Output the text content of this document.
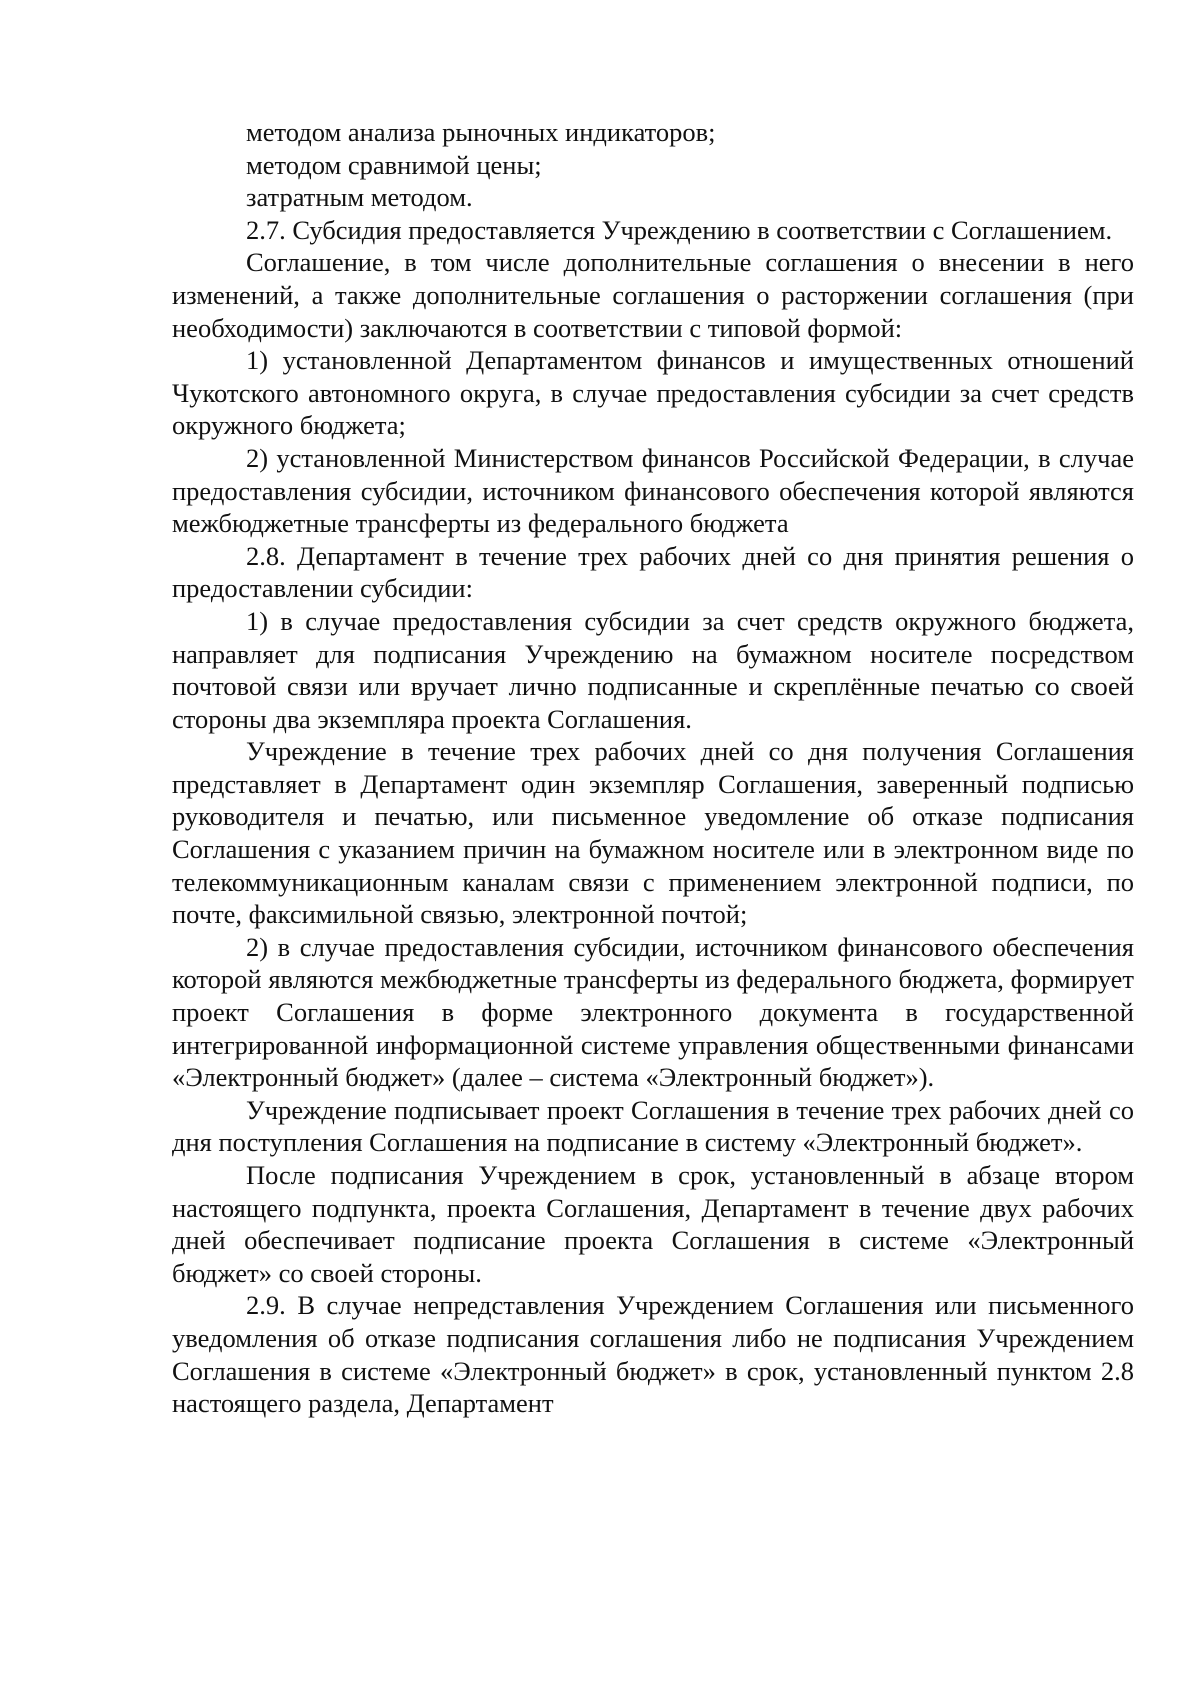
методом анализа рыночных индикаторов;

методом сравнимой цены;

затратным методом.

2.7. Субсидия предоставляется Учреждению в соответствии с Соглашением.

Соглашение, в том числе дополнительные соглашения о внесении в него изменений, а также дополнительные соглашения о расторжении соглашения (при необходимости) заключаются в соответствии с типовой формой:

1) установленной Департаментом финансов и имущественных отношений Чукотского автономного округа, в случае предоставления субсидии за счет средств окружного бюджета;

2) установленной Министерством финансов Российской Федерации, в случае предоставления субсидии, источником финансового обеспечения которой являются межбюджетные трансферты из федерального бюджета

2.8. Департамент в течение трех рабочих дней со дня принятия решения о предоставлении субсидии:

1) в случае предоставления субсидии за счет средств окружного бюджета, направляет для подписания Учреждению на бумажном носителе посредством почтовой связи или вручает лично подписанные и скреплённые печатью со своей стороны два экземпляра проекта Соглашения.

Учреждение в течение трех рабочих дней со дня получения Соглашения представляет в Департамент один экземпляр Соглашения, заверенный подписью руководителя и печатью, или письменное уведомление об отказе подписания Соглашения с указанием причин на бумажном носителе или в электронном виде по телекоммуникационным каналам связи с применением электронной подписи, по почте, факсимильной связью, электронной почтой;

2) в случае предоставления субсидии, источником финансового обеспечения которой являются межбюджетные трансферты из федерального бюджета, формирует проект Соглашения в форме электронного документа в государственной интегрированной информационной системе управления общественными финансами «Электронный бюджет» (далее – система «Электронный бюджет»).

Учреждение подписывает проект Соглашения в течение трех рабочих дней со дня поступления Соглашения на подписание в систему «Электронный бюджет».

После подписания Учреждением в срок, установленный в абзаце втором настоящего подпункта, проекта Соглашения, Департамент в течение двух рабочих дней обеспечивает подписание проекта Соглашения в системе «Электронный бюджет» со своей стороны.

2.9. В случае непредставления Учреждением Соглашения или письменного уведомления об отказе подписания соглашения либо не подписания Учреждением Соглашения в системе «Электронный бюджет» в срок, установленный пунктом 2.8 настоящего раздела, Департамент
